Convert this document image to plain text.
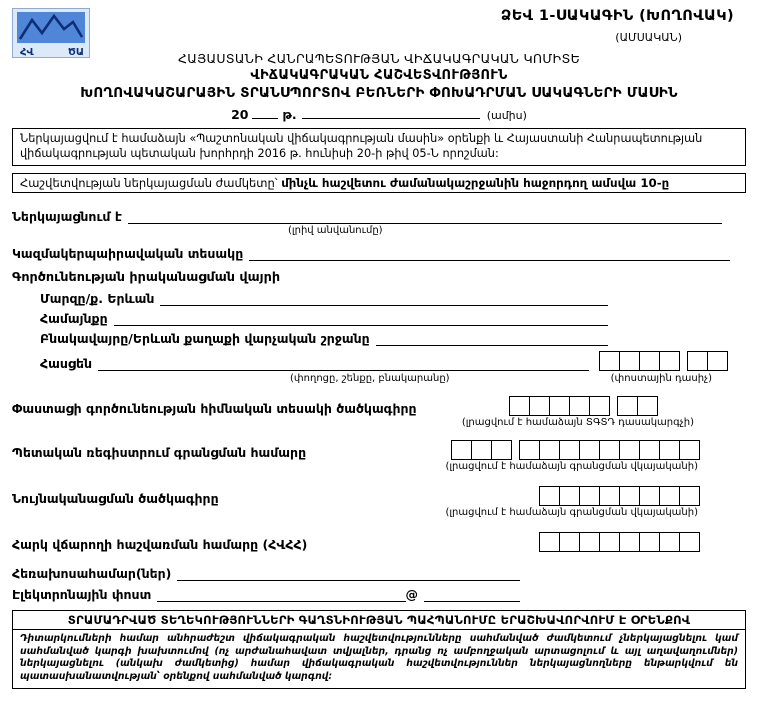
ՀՎ	ԾԱ
ՁԵՎ 1-ՍԱԿԱԳԻՆ (ԽՈՂՈՎԱԿ)
(ԱՄՍԱԿԱՆ)
ՀԱՅԱՍՏԱՆԻ ՀԱՆՐԱՊԵՏՈՒԹՅԱՆ ՎԻՃԱԿԱԳՐԱԿԱՆ ԿՈՄԻՏԵ
ՎԻՃԱԿԱԳՐԱԿԱՆ ՀԱՇՎԵՏՎՈՒԹՅՈՒՆ
ԽՈՂՈՎԱԿԱՇԱՐԱՅԻՆ ՏՐԱՆՍՊՈՐՏՈՎ ԲԵՌՆԵՐԻ ՓՈԽԱԴՐՄԱՆ ՍԱԿԱԳՆԵՐԻ ՄԱՍԻՆ
20	թ.	(ամիս)
Ներկայացվում է համաձայն «Պաշտոնական վիճակագրության մասին» օրենքի և Հայաստանի Հանրապետության վիճակագրության պետական խորհրդի 2016 թ. հունիսի 20-ի թիվ 05-Ն որոշման:
Հաշվետվության ներկայացման ժամկետը՝ մինչև հաշվետու ժամանակաշրջանին հաջորդող ամսվա 10-ը
Ներկայացնում է
(լրիվ անվանումը)
Կազմակերպաիրավական տեսակը
Գործունեության իրականացման վայրի
Մարզը/ք. Երևան
Համայնքը
Բնակավայրը/Երևան քաղաքի վարչական շրջանը
Հասցեն
(փողոցը, շենքը, բնակարանը)	(փոստային դասիչ)
Փաստացի գործունեության հիմնական տեսակի ծածկագիրը
(լրացվում է համաձայն ՏԳՏԴ դասակարգչի)
Պետական ռեգիստրում գրանցման համարը
(լրացվում է համաձայն գրանցման վկայականի)
Նույնականացման ծածկագիրը
(լրացվում է համաձայն գրանցման վկայականի)
Հարկ վճարողի հաշվառման համարը (ՀՎՀՀ)
Հեռախոսահամար(ներ)
Էլեկտրոնային փոստ	@
ՏՐԱՄԱԴՐՎԱԾ ՏԵՂԵԿՈՒԹՅՈՒՆՆԵՐԻ ԳԱՂՏՆԻՈՒԹՅԱՆ ՊԱՀՊԱՆՈՒՄԸ ԵՐԱՇԽԱՎՈՐՎՈՒՄ Է ՕՐԵՆՔՈՎ
Դիտարկումների համար անհրաժեշտ վիճակագրական հաշվետվությունները սահմանված ժամկետում չներկայացնելու կամ սահմանված կարգի խախտումով (ոչ արժանահավատ տվյալներ, դրանց ոչ ամբողջական արտացոլում և այլ աղավաղումներ) ներկայացնելու (անկախ ժամկետից) համար վիճակագրական հաշվետվություններ ներկայացնողները ենթարկվում են պատասխանատվության՝ օրենքով սահմանված կարգով:
